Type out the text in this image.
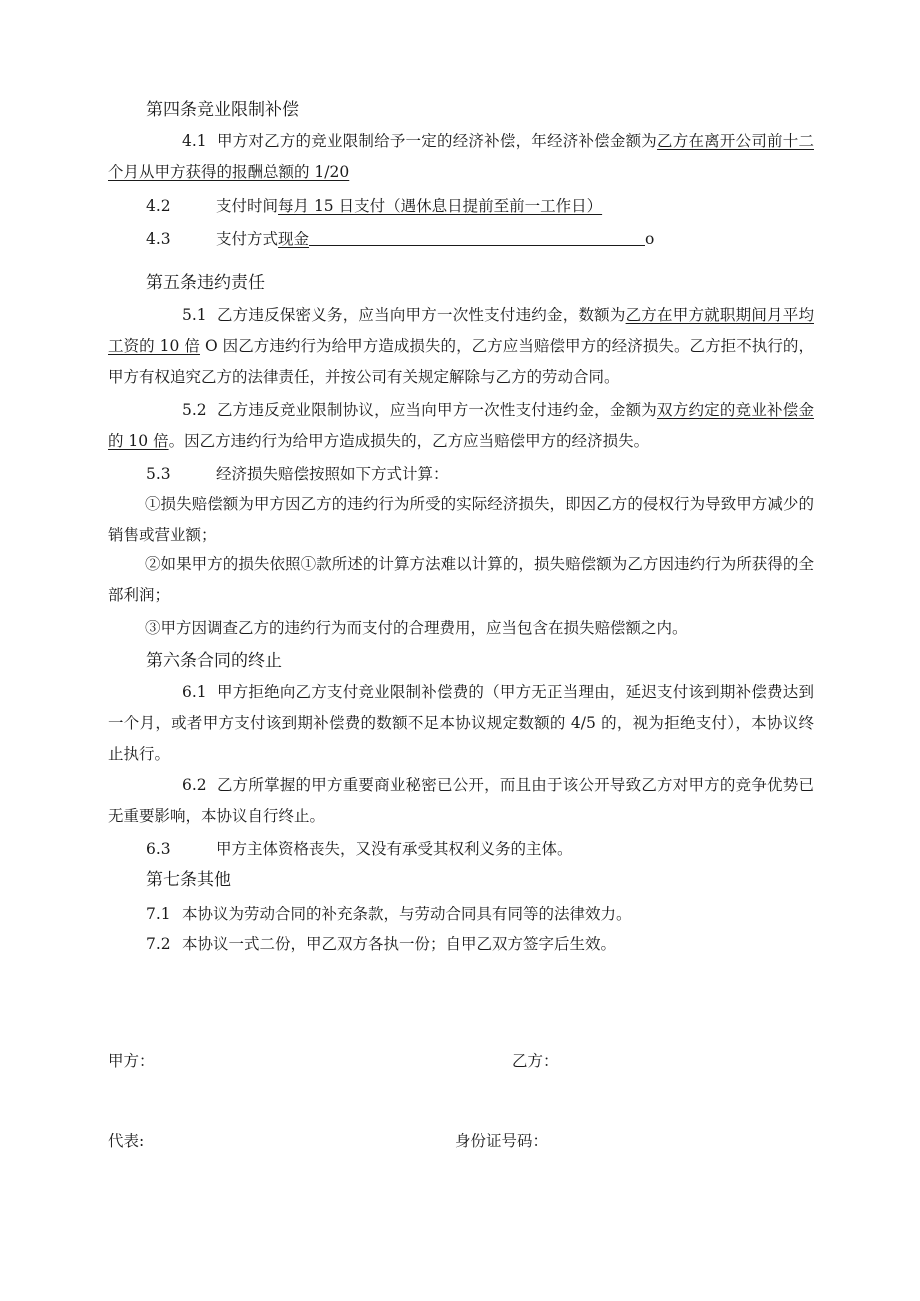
第四条竞业限制补偿
4.1 甲方对乙方的竞业限制给予一定的经济补偿，年经济补偿金额为乙方在离开公司前十二个月从甲方获得的报酬总额的 1/20
4.2	支付时间每月 15 日支付（遇休息日提前至前一工作日）
4.3	支付方式现金	o
第五条违约责任
5.1 乙方违反保密义务，应当向甲方一次性支付违约金，数额为乙方在甲方就职期间月平均工资的 10 倍 O 因乙方违约行为给甲方造成损失的，乙方应当赔偿甲方的经济损失。乙方拒不执行的，甲方有权追究乙方的法律责任，并按公司有关规定解除与乙方的劳动合同。
5.2 乙方违反竞业限制协议，应当向甲方一次性支付违约金，金额为双方约定的竞业补偿金的 10 倍。因乙方违约行为给甲方造成损失的，乙方应当赔偿甲方的经济损失。
5.3	经济损失赔偿按照如下方式计算：
①损失赔偿额为甲方因乙方的违约行为所受的实际经济损失，即因乙方的侵权行为导致甲方减少的销售或营业额；
②如果甲方的损失依照①款所述的计算方法难以计算的，损失赔偿额为乙方因违约行为所获得的全部利润；
③甲方因调查乙方的违约行为而支付的合理费用，应当包含在损失赔偿额之内。
第六条合同的终止
6.1 甲方拒绝向乙方支付竞业限制补偿费的（甲方无正当理由，延迟支付该到期补偿费达到一个月，或者甲方支付该到期补偿费的数额不足本协议规定数额的 4/5 的，视为拒绝支付），本协议终止执行。
6.2 乙方所掌握的甲方重要商业秘密已公开，而且由于该公开导致乙方对甲方的竞争优势已无重要影响，本协议自行终止。
6.3	甲方主体资格丧失，又没有承受其权利义务的主体。
第七条其他
7.1 本协议为劳动合同的补充条款，与劳动合同具有同等的法律效力。
7.2 本协议一式二份，甲乙双方各执一份；自甲乙双方签字后生效。
甲方：	乙方：
代表:	身份证号码：
